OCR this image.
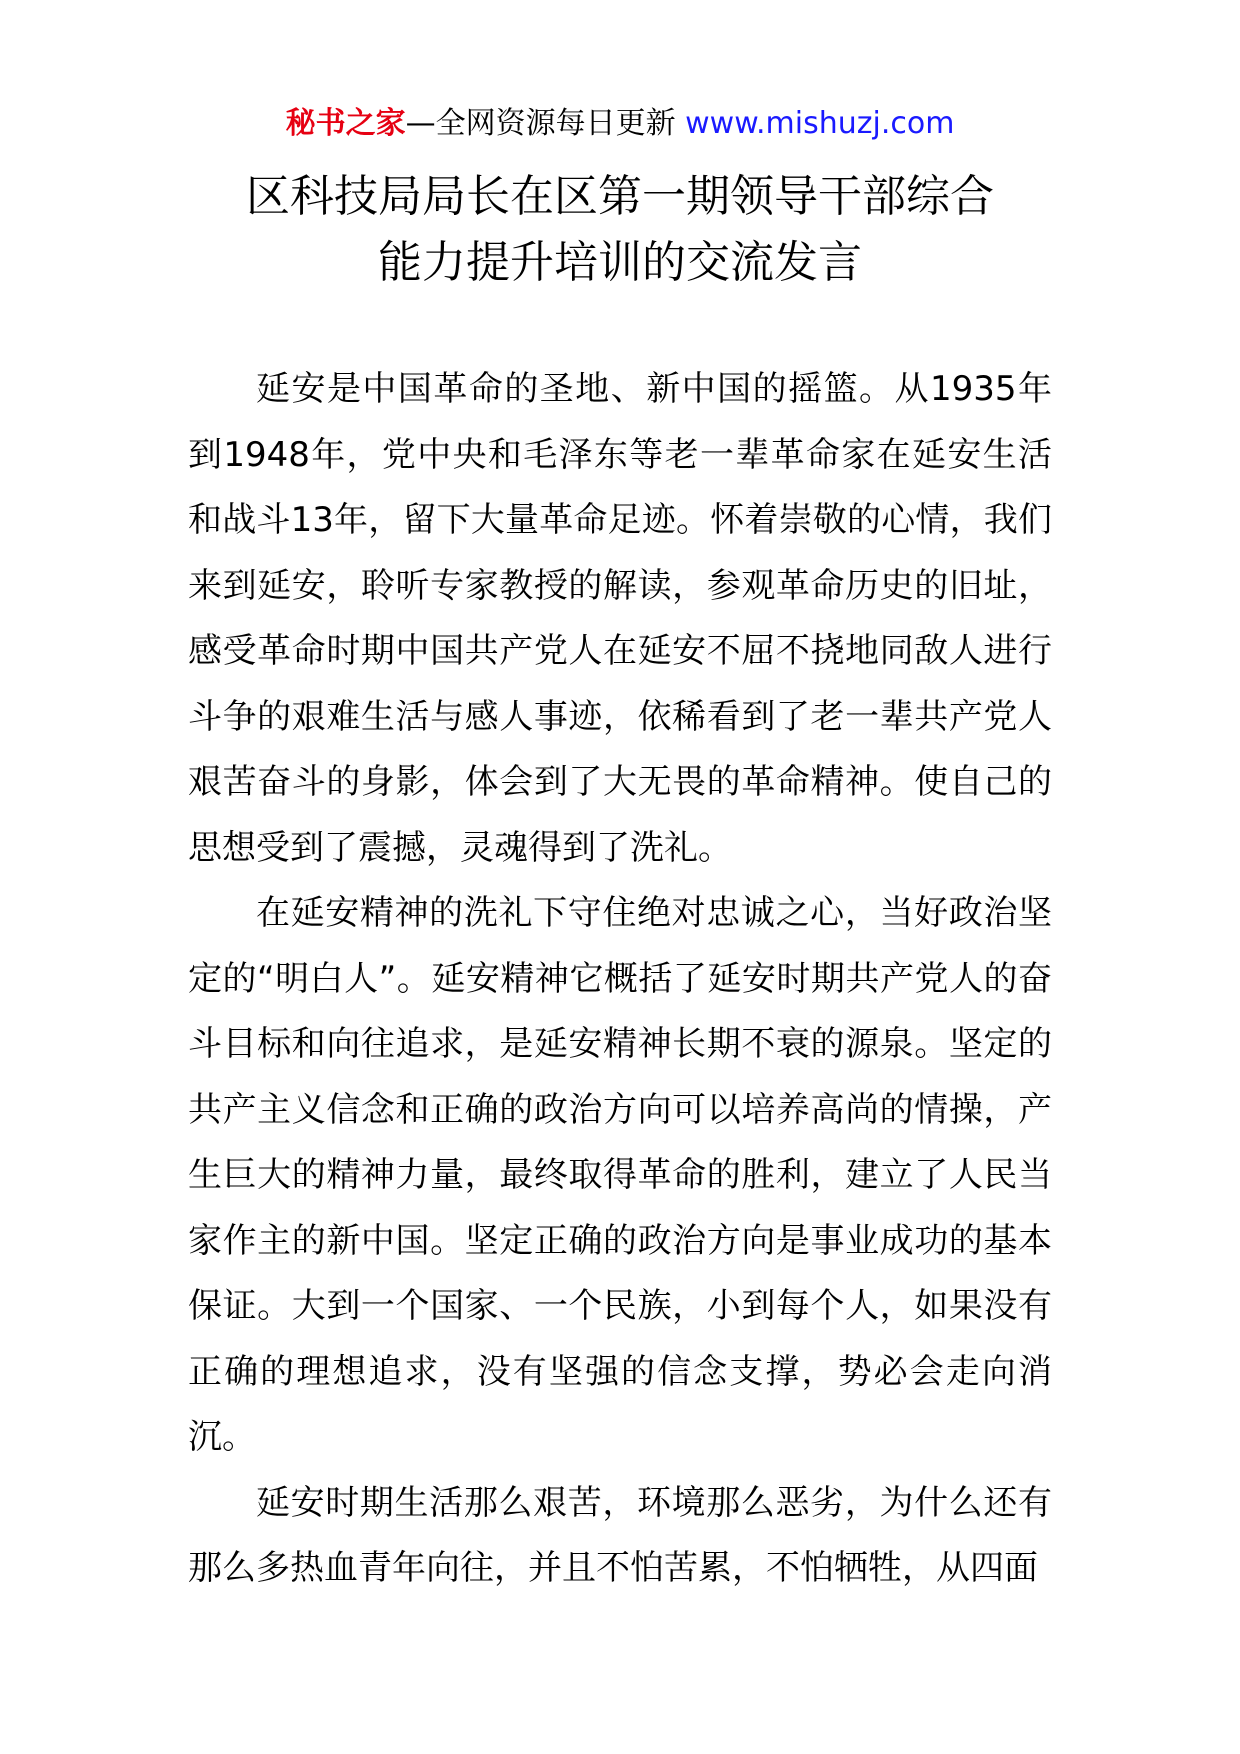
秘书之家—全网资源每日更新 www.mishuzj.com
区科技局局长在区第一期领导干部综合
能力提升培训的交流发言

延安是中国革命的圣地、新中国的摇篮。从1935年到1948年，党中央和毛泽东等老一辈革命家在延安生活和战斗13年，留下大量革命足迹。怀着崇敬的心情，我们来到延安，聆听专家教授的解读，参观革命历史的旧址，感受革命时期中国共产党人在延安不屈不挠地同敌人进行斗争的艰难生活与感人事迹，依稀看到了老一辈共产党人艰苦奋斗的身影，体会到了大无畏的革命精神。使自己的思想受到了震撼，灵魂得到了洗礼。

在延安精神的洗礼下守住绝对忠诚之心，当好政治坚定的“明白人”。延安精神它概括了延安时期共产党人的奋斗目标和向往追求，是延安精神长期不衰的源泉。坚定的共产主义信念和正确的政治方向可以培养高尚的情操，产生巨大的精神力量，最终取得革命的胜利，建立了人民当家作主的新中国。坚定正确的政治方向是事业成功的基本保证。大到一个国家、一个民族，小到每个人，如果没有正确的理想追求，没有坚强的信念支撑，势必会走向消沉。

延安时期生活那么艰苦，环境那么恶劣，为什么还有那么多热血青年向往，并且不怕苦累，不怕牺牲，从四面
